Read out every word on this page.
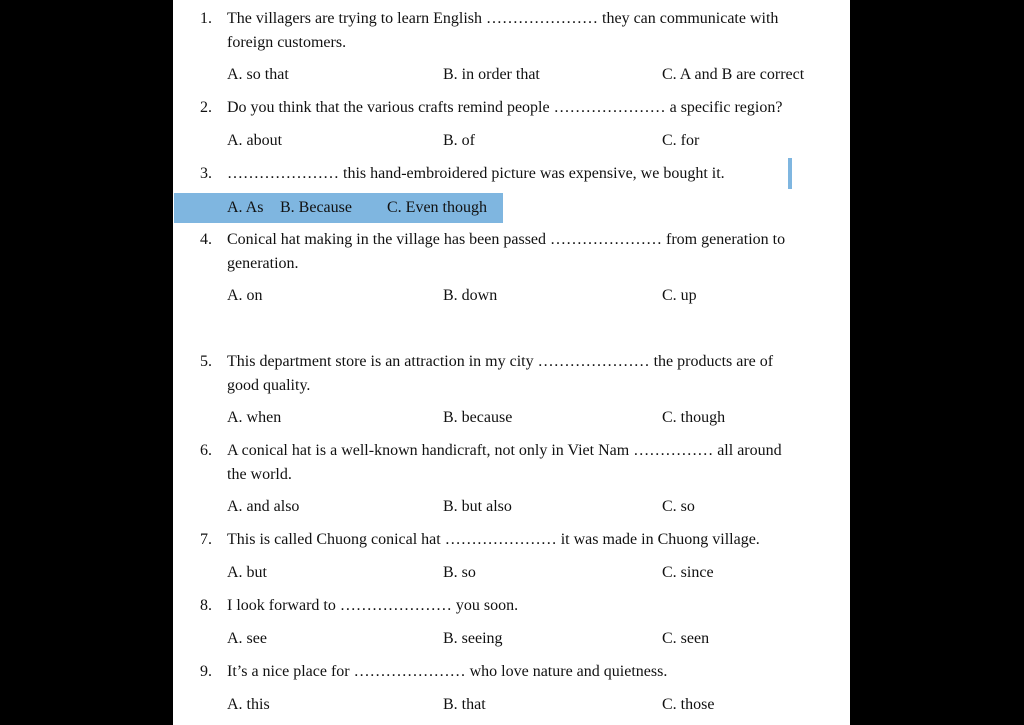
1. The villagers are trying to learn English ………………… they can communicate with
foreign customers.
A. so that	B. in order that	C. A and B are correct
2. Do you think that the various crafts remind people ………………… a specific region?
A. about	B. of	C. for
3. ………………… this hand-embroidered picture was expensive, we bought it.
A. As B. Because C. Even though
4. Conical hat making in the village has been passed ………………… from generation to
generation.
A. on	B. down	C. up
5. This department store is an attraction in my city ………………… the products are of
good quality.
A. when	B. because	C. though
6. A conical hat is a well-known handicraft, not only in Viet Nam …………… all around
the world.
A. and also	B. but also	C. so
7. This is called Chuong conical hat ………………… it was made in Chuong village.
A. but	B. so	C. since
8. I look forward to ………………… you soon.
A. see	B. seeing	C. seen
9. It’s a nice place for ………………… who love nature and quietness.
A. this	B. that	C. those
